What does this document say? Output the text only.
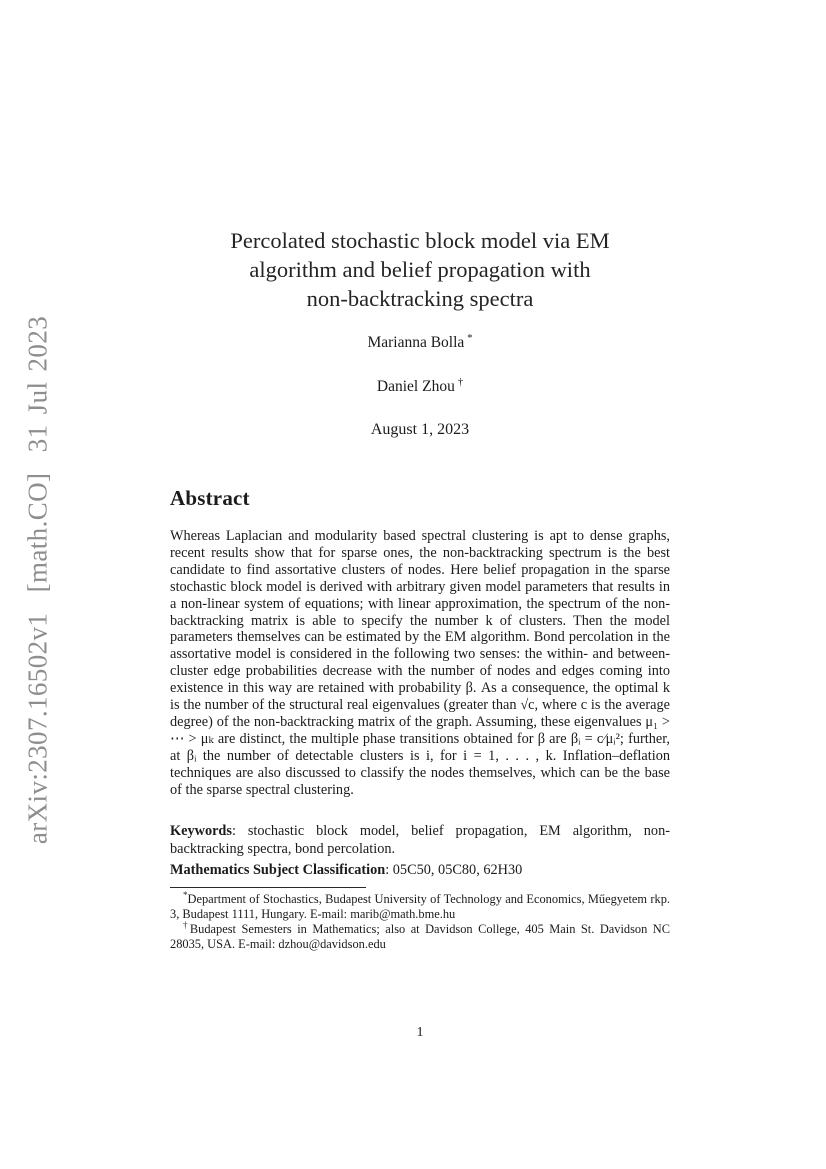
arXiv:2307.16502v1  [math.CO]  31 Jul 2023
Percolated stochastic block model via EM
algorithm and belief propagation with
non-backtracking spectra
Marianna Bolla *
Daniel Zhou †
August 1, 2023
Abstract
Whereas Laplacian and modularity based spectral clustering is apt to dense graphs, recent results show that for sparse ones, the non-backtracking spectrum is the best candidate to find assortative clusters of nodes. Here belief propagation in the sparse stochastic block model is derived with arbitrary given model parameters that results in a non-linear system of equations; with linear approximation, the spectrum of the non-backtracking matrix is able to specify the number k of clusters. Then the model parameters themselves can be estimated by the EM algorithm. Bond percolation in the assortative model is considered in the following two senses: the within- and between-cluster edge probabilities decrease with the number of nodes and edges coming into existence in this way are retained with probability β. As a consequence, the optimal k is the number of the structural real eigenvalues (greater than √c, where c is the average degree) of the non-backtracking matrix of the graph. Assuming, these eigenvalues μ₁ > ⋯ > μₖ are distinct, the multiple phase transitions obtained for β are βᵢ = c⁄μᵢ²; further, at βᵢ the number of detectable clusters is i, for i = 1, . . . , k. Inflation–deflation techniques are also discussed to classify the nodes themselves, which can be the base of the sparse spectral clustering.
Keywords: stochastic block model, belief propagation, EM algorithm, non-backtracking spectra, bond percolation.
Mathematics Subject Classification: 05C50, 05C80, 62H30
*Department of Stochastics, Budapest University of Technology and Economics, Műegyetem rkp. 3, Budapest 1111, Hungary. E-mail: marib@math.bme.hu
†Budapest Semesters in Mathematics; also at Davidson College, 405 Main St. Davidson NC 28035, USA. E-mail: dzhou@davidson.edu
1
